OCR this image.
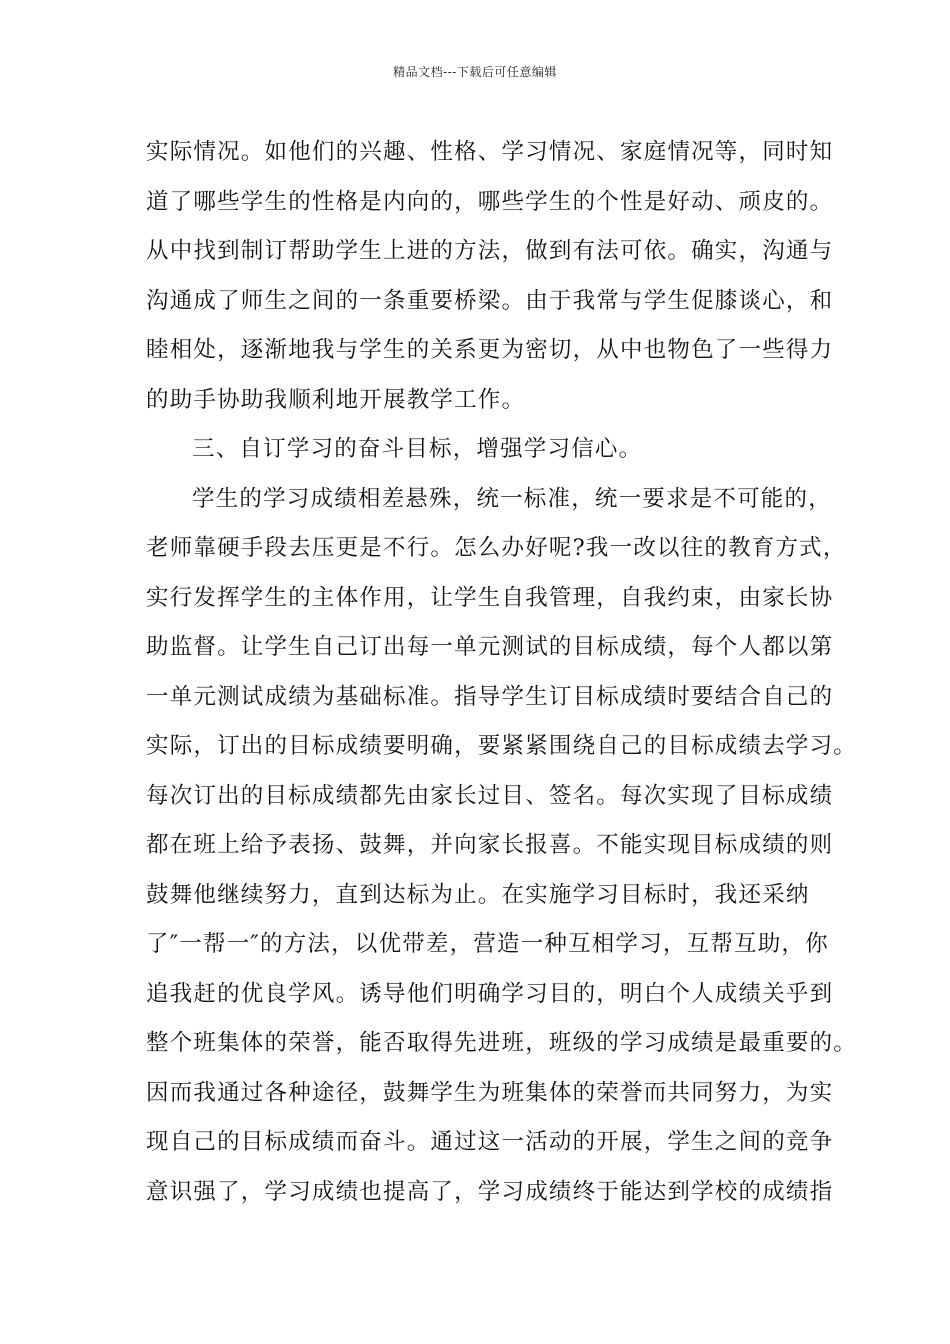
精品文档---下载后可任意编辑
实际情况。如他们的兴趣、性格、学习情况、家庭情况等，同时知
道了哪些学生的性格是内向的，哪些学生的个性是好动、顽皮的。
从中找到制订帮助学生上进的方法，做到有法可依。确实，沟通与
沟通成了师生之间的一条重要桥梁。由于我常与学生促膝谈心，和
睦相处，逐渐地我与学生的关系更为密切，从中也物色了一些得力
的助手协助我顺利地开展教学工作。
三、自订学习的奋斗目标，增强学习信心。
学生的学习成绩相差悬殊，统一标准，统一要求是不可能的，
老师靠硬手段去压更是不行。怎么办好呢?我一改以往的教育方式，
实行发挥学生的主体作用，让学生自我管理，自我约束，由家长协
助监督。让学生自己订出每一单元测试的目标成绩，每个人都以第
一单元测试成绩为基础标准。指导学生订目标成绩时要结合自己的
实际，订出的目标成绩要明确，要紧紧围绕自己的目标成绩去学习。
每次订出的目标成绩都先由家长过目、签名。每次实现了目标成绩
都在班上给予表扬、鼓舞，并向家长报喜。不能实现目标成绩的则
鼓舞他继续努力，直到达标为止。在实施学习目标时，我还采纳
了″一帮一″的方法，以优带差，营造一种互相学习，互帮互助，你
追我赶的优良学风。诱导他们明确学习目的，明白个人成绩关乎到
整个班集体的荣誉，能否取得先进班，班级的学习成绩是最重要的。
因而我通过各种途径，鼓舞学生为班集体的荣誉而共同努力，为实
现自己的目标成绩而奋斗。通过这一活动的开展，学生之间的竞争
意识强了，学习成绩也提高了，学习成绩终于能达到学校的成绩指
